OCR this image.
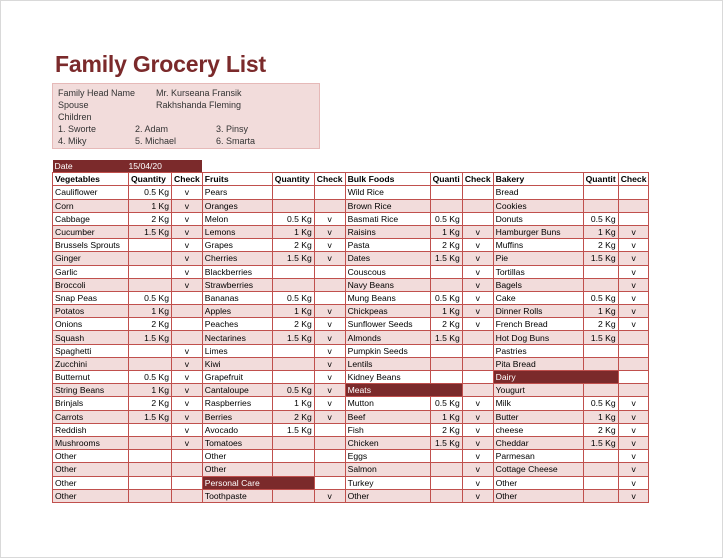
Family Grocery List
Family Head Name Mr. Kurseana Fransik
Spouse	Rakhshanda Fleming
Children
1. Sworte	2. Adam	3. Pinsy
4. Miky	5. Michael	6. Smarta
Date	15/04/20										
Vegetables	Quantity	Check	Fruits	Quantity	Check	Bulk Foods	Quanti	Check	Bakery	Quantit	Check
Cauliflower	0.5 Kg	v	Pears			Wild Rice			Bread		
Corn	1 Kg	v	Oranges			Brown Rice			Cookies		
Cabbage	2 Kg	v	Melon	0.5 Kg	v	Basmati Rice	0.5 Kg		Donuts	0.5 Kg	
Cucumber	1.5 Kg	v	Lemons	1 Kg	v	Raisins	1 Kg	v	Hamburger Buns	1 Kg	v
Brussels Sprouts		v	Grapes	2 Kg	v	Pasta	2 Kg	v	Muffins	2 Kg	v
Ginger		v	Cherries	1.5 Kg	v	Dates	1.5 Kg	v	Pie	1.5 Kg	v
Garlic		v	Blackberries			Couscous		v	Tortillas		v
Broccoli		v	Strawberries			Navy Beans		v	Bagels		v
Snap Peas	0.5 Kg		Bananas	0.5 Kg		Mung Beans	0.5 Kg	v	Cake	0.5 Kg	v
Potatos	1 Kg		Apples	1 Kg	v	Chickpeas	1 Kg	v	Dinner Rolls	1 Kg	v
Onions	2 Kg		Peaches	2 Kg	v	Sunflower Seeds	2 Kg	v	French Bread	2 Kg	v
Squash	1.5 Kg		Nectarines	1.5 Kg	v	Almonds	1.5 Kg		Hot Dog Buns	1.5 Kg	
Spaghetti		v	Limes		v	Pumpkin Seeds			Pastries		
Zucchini		v	Kiwi		v	Lentils			Pita Bread		
Butternut	0.5 Kg	v	Grapefruit		v	Kidney Beans			Dairy		
String Beans	1 Kg	v	Cantaloupe	0.5 Kg	v	Meats			Yougurt		
Brinjals	2 Kg	v	Raspberries	1 Kg	v	Mutton	0.5 Kg	v	Milk	0.5 Kg	v
Carrots	1.5 Kg	v	Berries	2 Kg	v	Beef	1 Kg	v	Butter	1 Kg	v
Reddish		v	Avocado	1.5 Kg		Fish	2 Kg	v	cheese	2 Kg	v
Mushrooms		v	Tomatoes			Chicken	1.5 Kg	v	Cheddar	1.5 Kg	v
Other			Other			Eggs		v	Parmesan		v
Other			Other			Salmon		v	Cottage Cheese		v
Other			Personal Care			Turkey		v	Other		v
Other			Toothpaste		v	Other		v	Other		v
